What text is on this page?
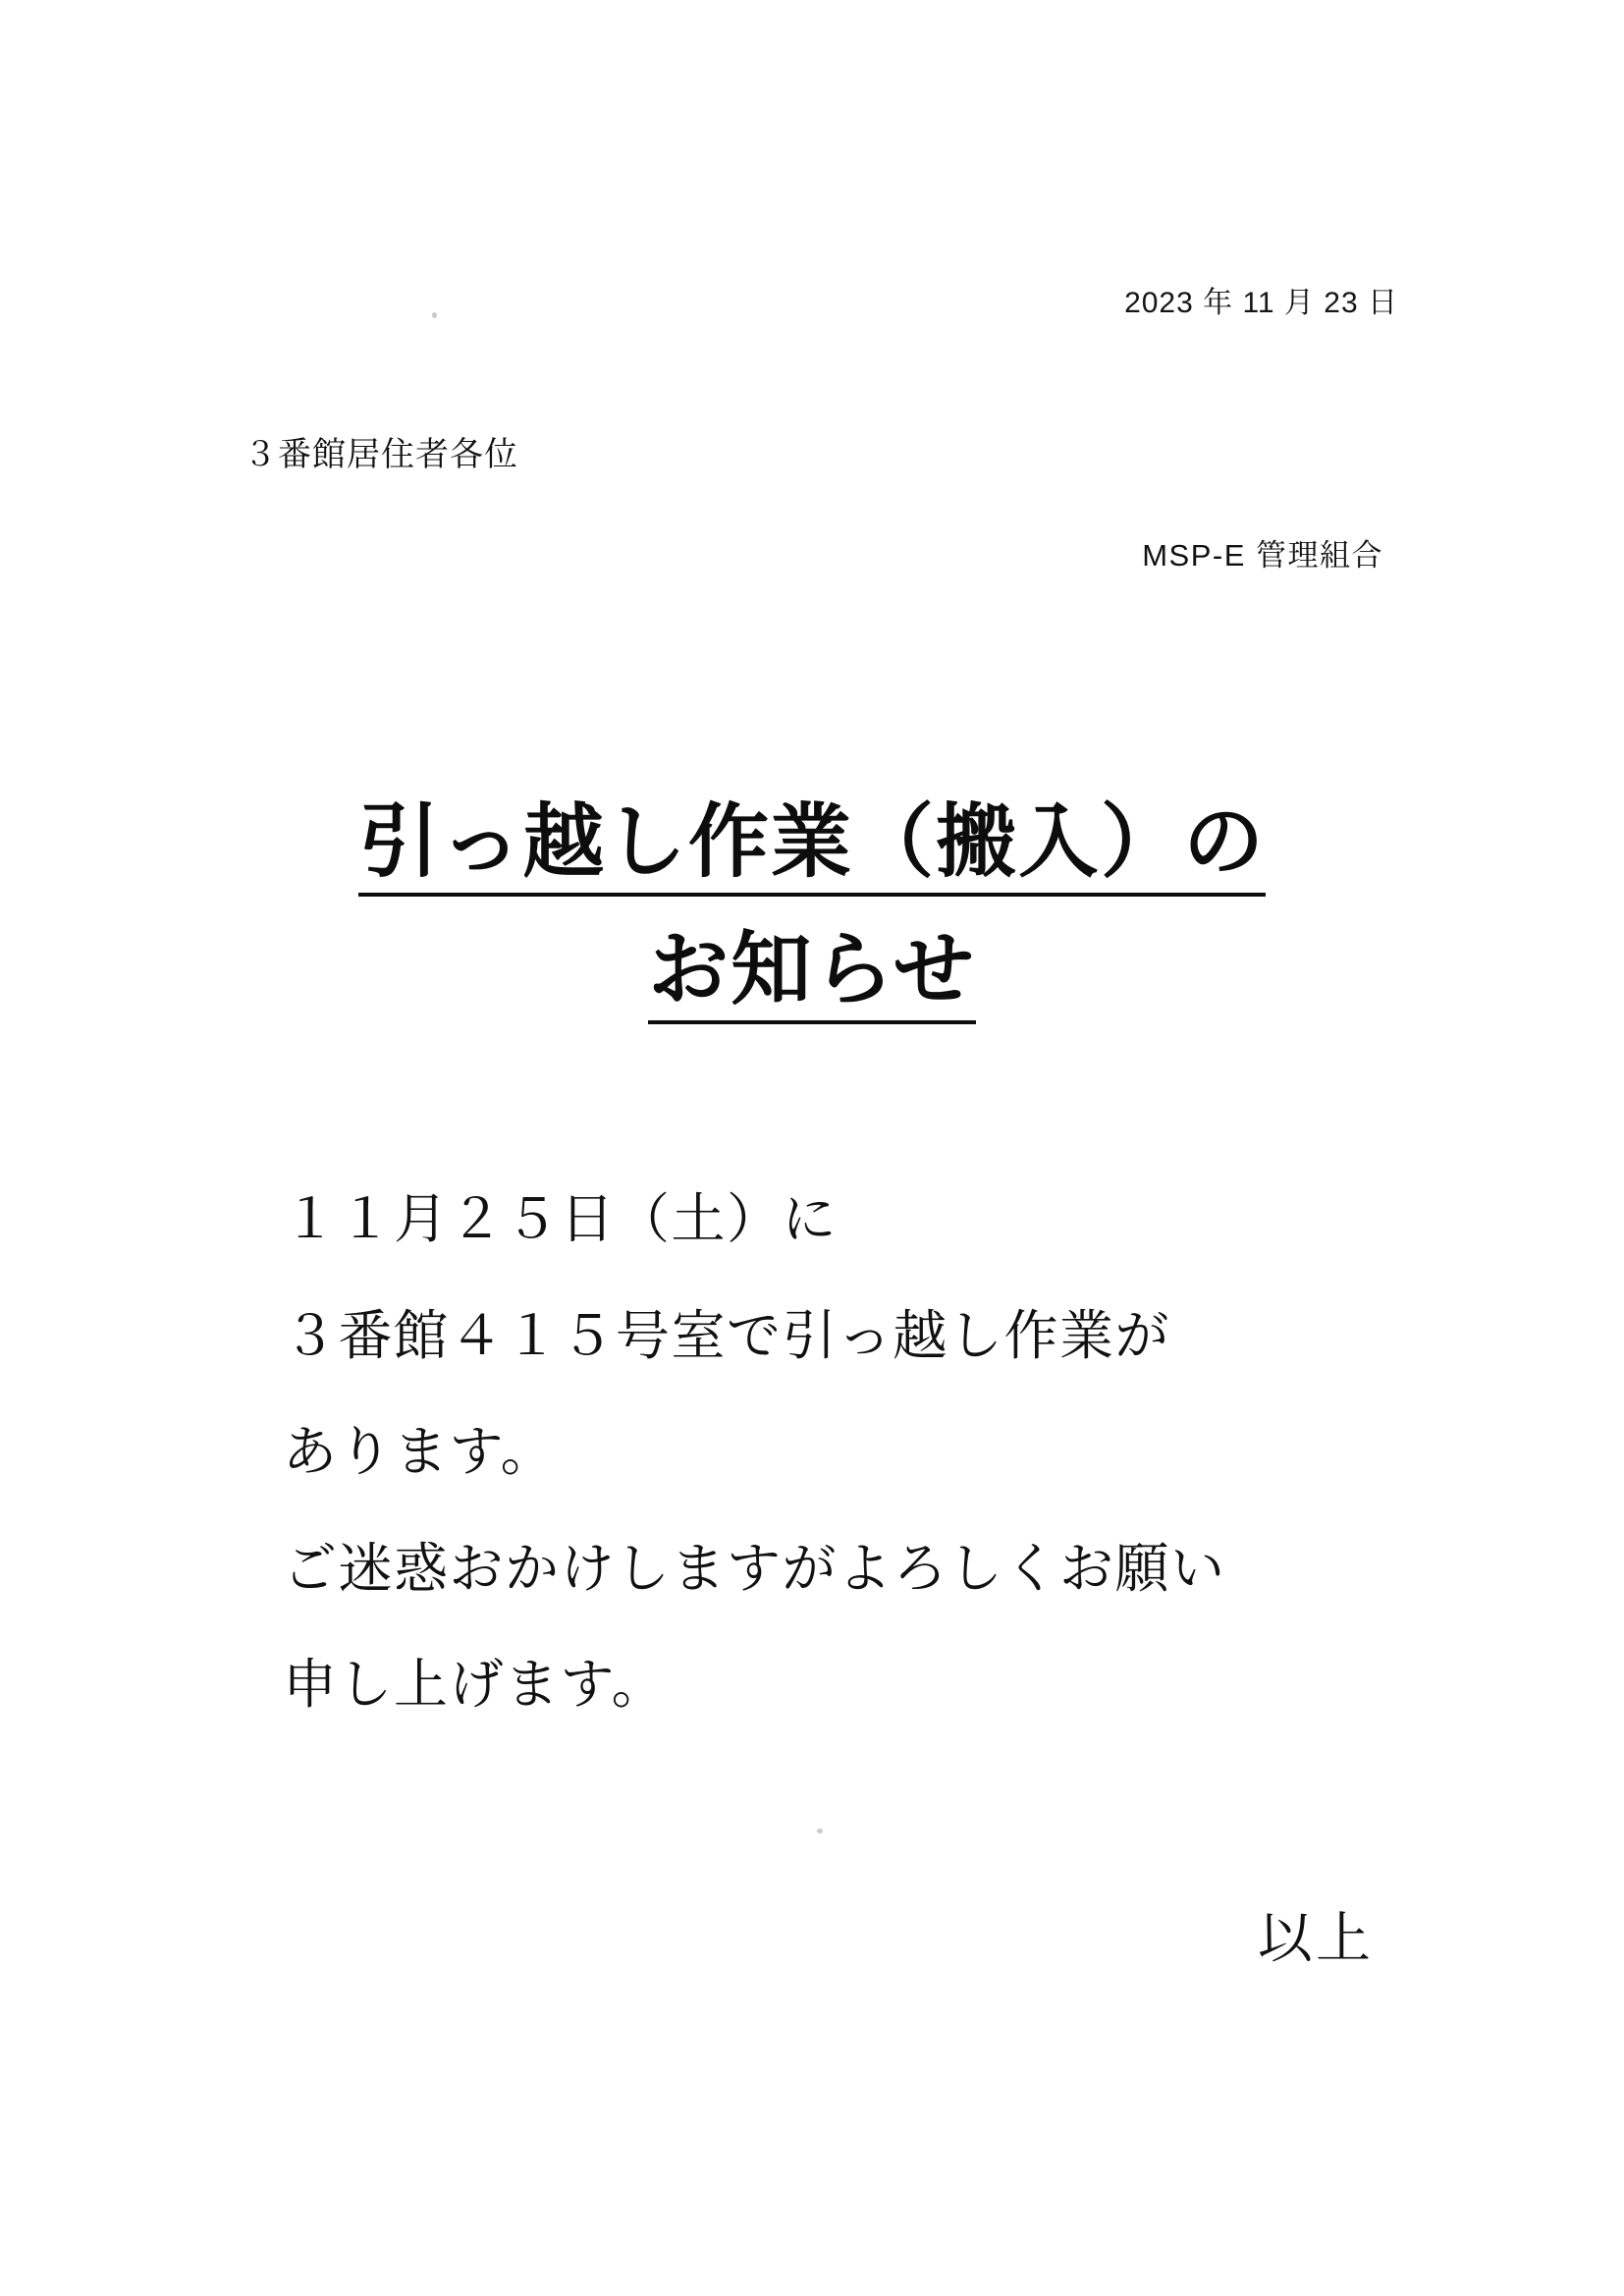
2023 年 11 月 23 日
３番館居住者各位
MSP-E 管理組合
引っ越し作業（搬入）の
お知らせ

１１月２５日（土）に

３番館４１５号室で引っ越し作業が

あります。

ご迷惑おかけしますがよろしくお願い

申し上げます。

以上
